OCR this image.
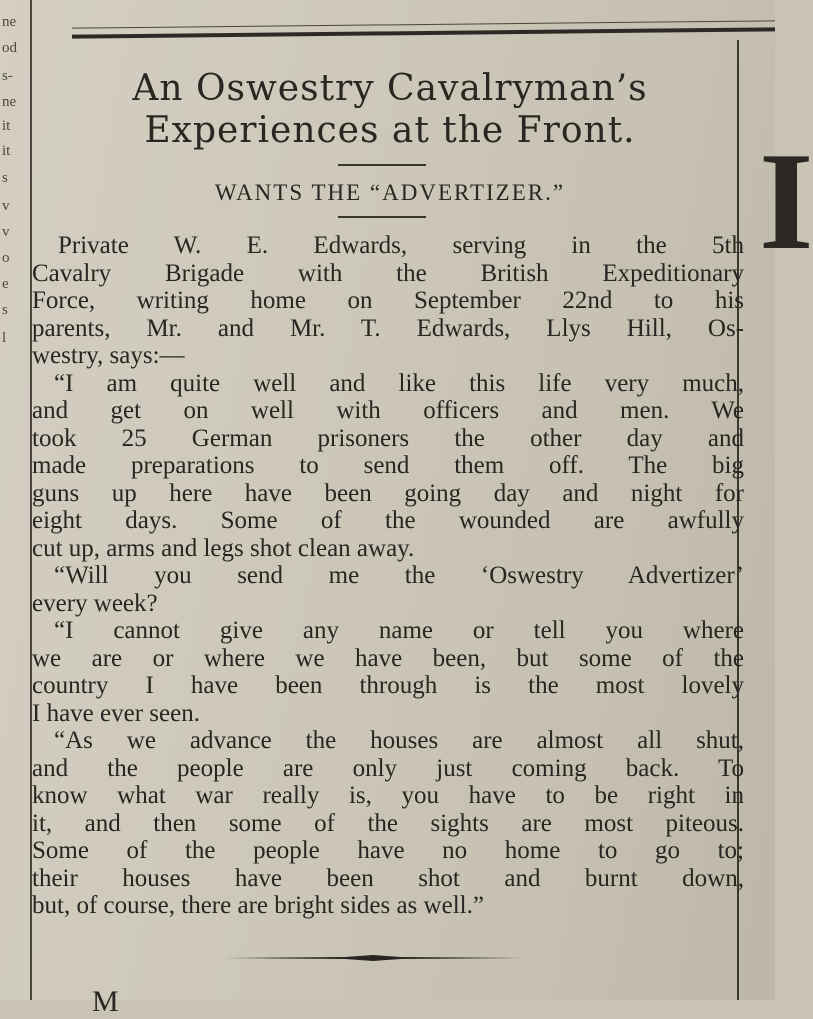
ne
od
s-
ne
it
it
s
v
v
o
e
s
l
I
An Oswestry Cavalryman’s
Experiences at the Front.
WANTS THE “ADVERTIZER.”
Private W. E. Edwards, serving in the 5th
Cavalry Brigade with the British Expeditionary
Force, writing home on September 22nd to his
parents, Mr. and Mr. T. Edwards, Llys Hill, Os-
westry, says:—
“I am quite well and like this life very much,
and get on well with officers and men. We
took 25 German prisoners the other day and
made preparations to send them off. The big
guns up here have been going day and night for
eight days. Some of the wounded are awfully
cut up, arms and legs shot clean away.
“Will you send me the ‘Oswestry Advertizer’
every week?
“I cannot give any name or tell you where
we are or where we have been, but some of the
country I have been through is the most lovely
I have ever seen.
“As we advance the houses are almost all shut,
and the people are only just coming back. To
know what war really is, you have to be right in
it, and then some of the sights are most piteous.
Some of the people have no home to go to;
their houses have been shot and burnt down,
but, of course, there are bright sides as well.”
M
